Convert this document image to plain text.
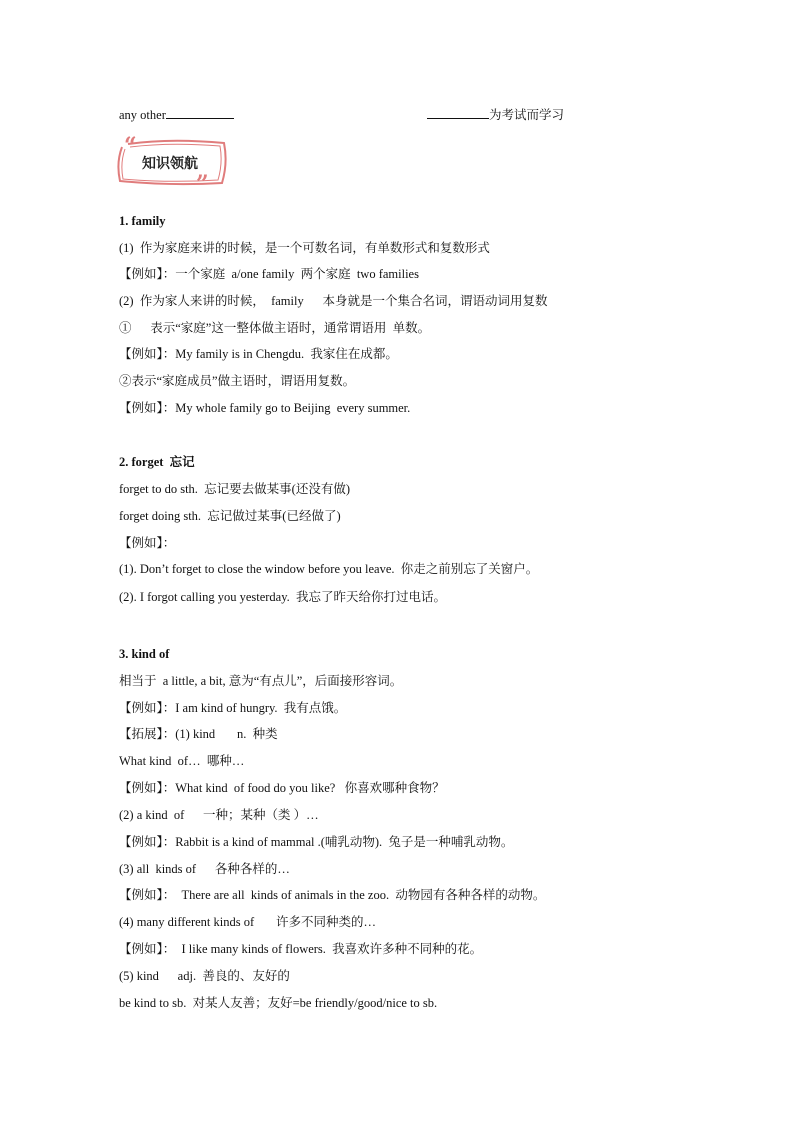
any other	为考试而学习
“
”
知识领航
1. family
(1)  作为家庭来讲的时候，是一个可数名词，有单数形式和复数形式
【例如】：一个家庭  a/one family  两个家庭  two families
(2)  作为家人来讲的时候，  family      本身就是一个集合名词，谓语动词用复数
①      表示“家庭”这一整体做主语时，通常谓语用  单数。
【例如】：My family is in Chengdu.  我家住在成都。
②表示“家庭成员”做主语时，谓语用复数。
【例如】：My whole family go to Beijing  every summer.
2. forget  忘记
forget to do sth.  忘记要去做某事(还没有做)
forget doing sth.  忘记做过某事(已经做了)
【例如】：
(1). Don’t forget to close the window before you leave.  你走之前别忘了关窗户。
(2). I forgot calling you yesterday.  我忘了昨天给你打过电话。
3. kind of
相当于  a little, a bit, 意为“有点儿”，后面接形容词。
【例如】：I am kind of hungry.  我有点饿。
【拓展】：(1) kind       n.  种类
What kind  of…  哪种…
【例如】：What kind  of food do you like?   你喜欢哪种食物？
(2) a kind  of      一种；某种（类 ）…
【例如】：Rabbit is a kind of mammal .(哺乳动物).  兔子是一种哺乳动物。
(3) all  kinds of      各种各样的…
【例如】：  There are all  kinds of animals in the zoo.  动物园有各种各样的动物。
(4) many different kinds of       许多不同种类的…
【例如】：  I like many kinds of flowers.  我喜欢许多种不同种的花。
(5) kind      adj.  善良的、友好的
be kind to sb.  对某人友善；友好=be friendly/good/nice to sb.
